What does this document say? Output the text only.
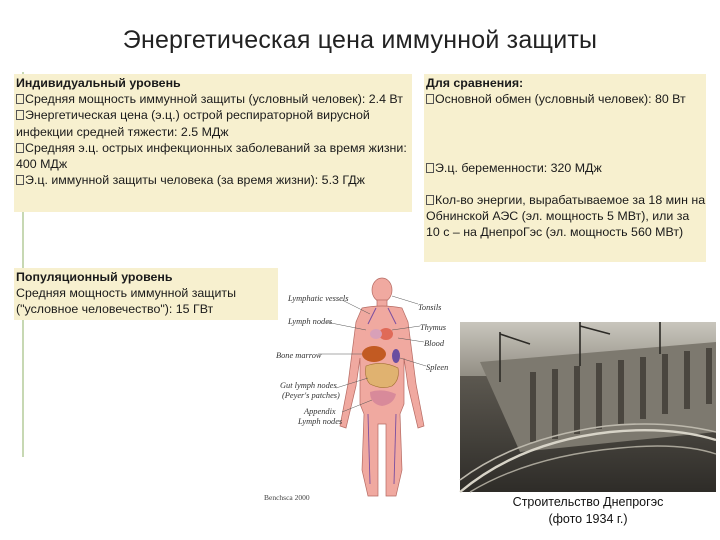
Энергетическая цена иммунной защиты
Индивидуальный уровень
Средняя мощность иммунной защиты (условный человек): 2.4 Вт
Энергетическая цена (э.ц.) острой респираторной вирусной инфекции средней тяжести: 2.5 МДж
Средняя э.ц. острых инфекционных заболеваний за время жизни: 400 МДж
Э.ц. иммунной защиты человека (за время жизни): 5.3 ГДж
Для сравнения:
Основной обмен (условный человек): 80 Вт
Э.ц. беременности: 320 МДж
Кол-во энергии, вырабатываемое за 18 мин на Обнинской АЭС (эл. мощность 5 МВт), или за 10 с – на ДнепроГэс (эл. мощность 560 МВт)
Популяционный уровень
Средняя мощность иммунной защиты
("условное человечество"): 15 ГВт
Lymphatic vessels
Tonsils
Lymph nodes
Thymus
Blood
Bone marrow
Spleen
Gut lymph nodes
(Peyer's patches)
Appendix
Lymph nodes
Benchsca 2000	Строительство Днепрогэс
(фото 1934 г.)
